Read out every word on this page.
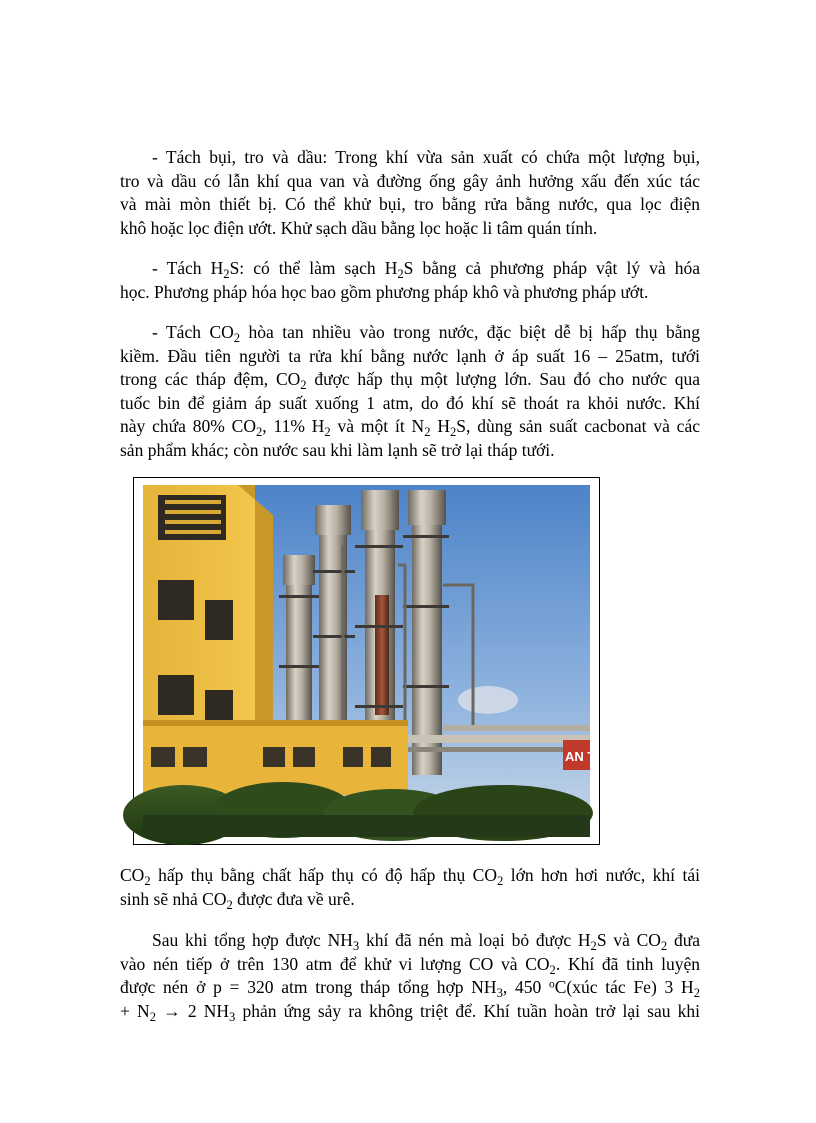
- Tách bụi, tro và dầu: Trong khí vừa sản xuất có chứa một lượng bụi,
tro và dầu có lẫn khí qua van và đường ống gây ảnh hưởng xấu đến xúc tác
và mài mòn thiết bị. Có thể khử bụi, tro bằng rửa bằng nước, qua lọc điện
khô hoặc lọc điện ướt. Khử sạch dầu bằng lọc hoặc li tâm quán tính.
- Tách $H_2S$: có thể làm sạch $H_2S$ bằng cả phương pháp vật lý và hóa
học. Phương pháp hóa học bao gồm phương pháp khô và phương pháp ướt.
- Tách $CO_2$ hòa tan nhiều vào trong nước, đặc biệt dễ bị hấp thụ bằng
kiềm. Đầu tiên người ta rửa khí bằng nước lạnh ở áp suất 16 – 25atm, tưới
trong các tháp đệm, $CO_2$ được hấp thụ một lượng lớn. Sau đó cho nước qua
tuốc bin để giảm áp suất xuống 1 atm, do đó khí sẽ thoát ra khỏi nước. Khí
này chứa 80% $CO_2$, 11% $H_2$ và một ít $N_2$ $H_2S$, dùng sản suất cacbonat và các
sản phẩm khác; còn nước sau khi làm lạnh sẽ trở lại tháp tưới.
AN T
$CO_2$ hấp thụ bằng chất hấp thụ có độ hấp thụ $CO_2$ lớn hơn hơi nước, khí tái
sinh sẽ nhả $CO_2$ được đưa về urê.
Sau khi tổng hợp được $NH_3$ khí đã nén mà loại bỏ được $H_2S$ và $CO_2$ đưa
vào nén tiếp ở trên 130 atm để khử vi lượng CO và $CO_2$. Khí đã tinh luyện
được nén ở p = 320 atm trong tháp tổng hợp $NH_3$, 450 $^o$C(xúc tác Fe) 3 $H_2$
+ $N_2 \to 2$ $NH_3$ phản ứng sảy ra không triệt để. Khí tuần hoàn trở lại sau khi
